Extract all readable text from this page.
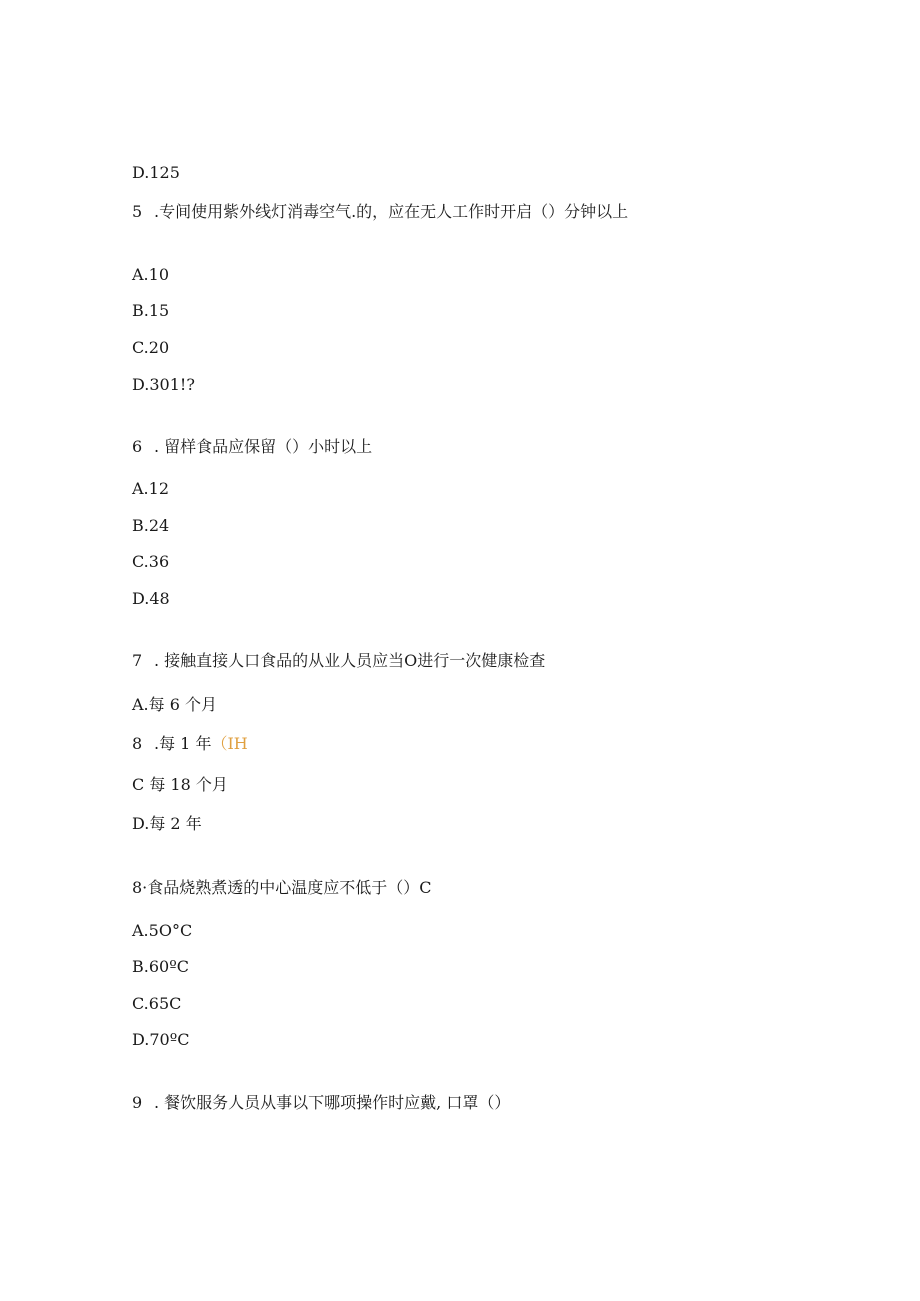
D.125
5 .专间使用紫外线灯消毒空气.的，应在无人工作时开启（）分钟以上
A.10
B.15
C.20
D.301!?
6 . 留样食品应保留（）小时以上
A.12
B.24
C.36
D.48
7 . 接触直接人口食品的从业人员应当O进行一次健康检查
A.每 6 个月
8 .每 1 年（IH
C 每 18 个月
D.每 2 年
8·食品烧熟煮透的中心温度应不低于（）C
A.5O°C
B.60ºC
C.65C
D.70ºC
9 . 餐饮服务人员从事以下哪项操作时应戴, 口罩（）
